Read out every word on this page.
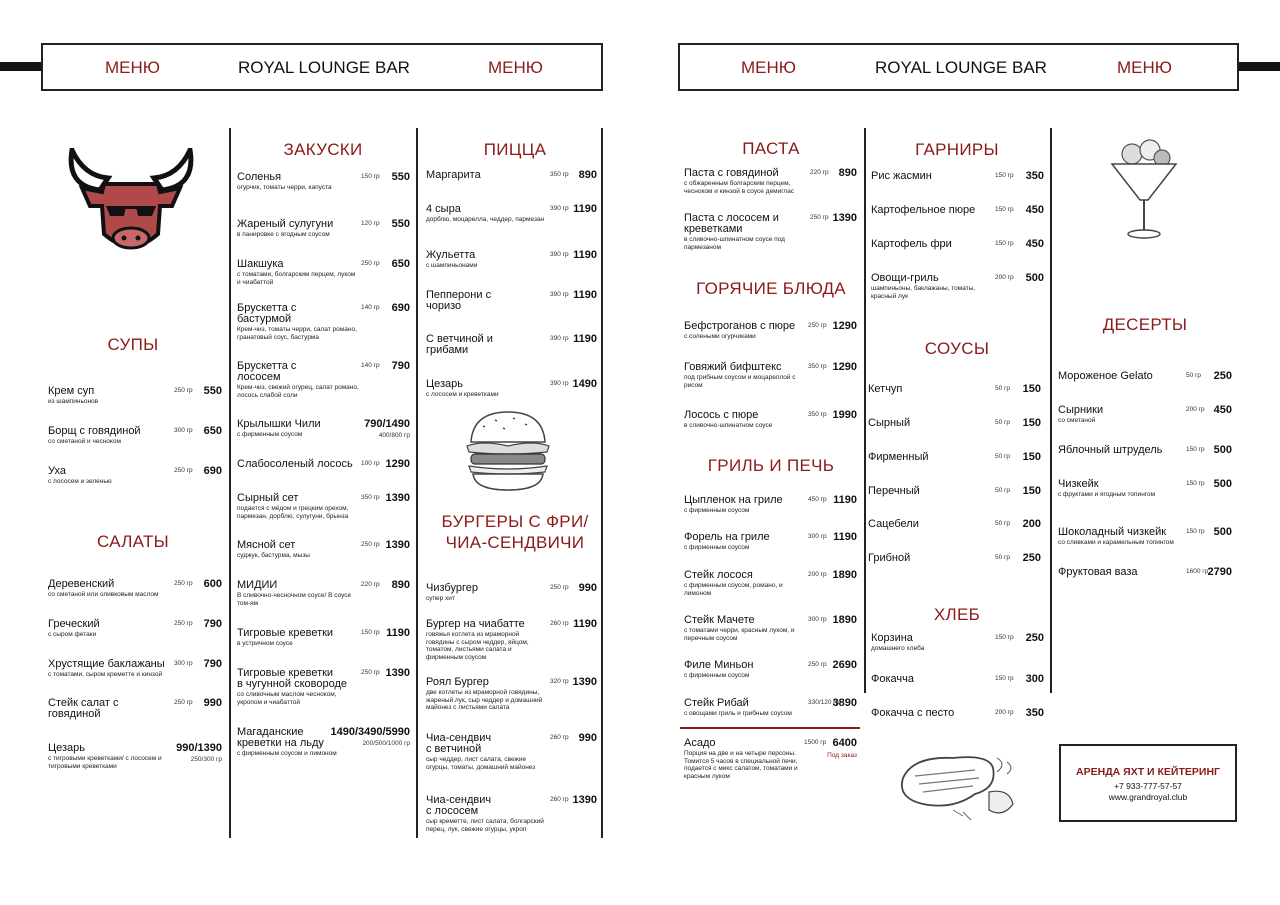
МЕНЮ	ROYAL LOUNGE BAR	МЕНЮ	МЕНЮ	ROYAL LOUNGE BAR	МЕНЮ
СУПЫ
САЛАТЫ
ЗАКУСКИ	ПИЦЦА
БУРГЕРЫ С ФРИ/
ЧИА-СЕНДВИЧИ
ПАСТА
ГОРЯЧИЕ БЛЮДА
ГРИЛЬ И ПЕЧЬ
ГАРНИРЫ
СОУСЫ
ХЛЕБ
ДЕСЕРТЫ
Крем суп
из шампиньонов
250 гр 550
Борщ с говядиной
со сметаной и чесноком
300 гр 650
Уха
с лососем и зеленью
250 гр 690
Деревенский
со сметаной или оливковым маслом
250 гр 600
Греческий
с сыром фетаки
250 гр 790
Хрустящие баклажаны
с томатами, сыром креметте и кинзой
300 гр 790
Стейк салат с
говядиной
250 гр 990
Цезарь
с тигровыми креветками/ с лососем и тигровыми креветками
250/300 гр
990/1390
Соленья
огурчик, томаты черри, капуста
150 гр 550
Жареный сулугуни
в панировке с ягодным соусом
120 гр 550
Шакшука
с томатами, болгарским перцем, луком и чиабаттой
250 гр 650
Брускетта с
бастурмой
Крем-чиз, томаты черри, салат романо, гранатовый соус, бастурма
140 гр 690
Брускетта с
лососем
Крем-чиз, свежий огурец, салат романо, лосось слабой соли
140 гр 790
Крылышки Чили
с фирменным соусом	400/800 гр
790/1490
Слабосоленый лосось	100 гр 1290
Сырный сет
подается с мёдом и грецким орехом, пармезан, дорблю, сулугуни, брынза
350 гр 1390
Мясной сет
суджук, бастурма, мызы
250 гр 1390
МИДИИ
В сливочно-чесночном соусе/ В соусе том-ям
220 гр 890
Тигровые креветки
в устричном соусе
150 гр 1190
Тигровые креветки
в чугунной сковороде
со сливочным маслом чесноком, укропом и чиабаттой
250 гр 1390
Магаданские
креветки на льду
с фирменным соусом и лимоном
200/500/1000 гр
1490/3490/5990
Маргарита	350 гр 890
4 сыра
дорблю, моцарелла, чеддер, пармезан
390 гр 1190
Жульетта
с шампиньонами
390 гр 1190
Пепперони с
чоризо
390 гр 1190
С ветчиной и
грибами
390 гр 1190
Цезарь
с лососем и креветками
390 гр 1490
Чизбургер
супер хит
250 гр 990
Бургер на чиабатте
говяжья котлета из мраморной говядины с сыром чеддер, яйцом, томатом, листьями салата и фирменным соусом
260 гр 1190
Роял Бургер
две котлеты из мраморной говядины, жареный лук, сыр чеддер и домашний майонез с листьями салата
320 гр 1390
Чиа-сендвич
с ветчиной
сыр чеддер, лист салата, свежие огурцы, томаты, домашний майонез
260 гр 990
Чиа-сендвич
с лососем
сыр креметте, лист салата, болгарский перец, лук, свежие огурцы, укроп
260 гр 1390
Паста с говядиной
с обжаренным болгарским перцем, чесноком и кинзой в соусе демиглас
220 гр 890
Паста с лососем и
креветками
в сливочно-шпинатном соусе под пармезаном
250 гр 1390
Бефстроганов с пюре
с солеными огурчиками
250 гр 1290
Говяжий бифштекс
под грибным соусом и моцареллой с рисом
350 гр 1290
Лосось с пюре
в сливочно-шпинатном соусе
350 гр 1990
Цыпленок на гриле
с фирменным соусом
450 гр 1190
Форель на гриле
с фирменным соусом
300 гр 1190
Стейк лосося
с фирменным соусом, романо, и лимоном
200 гр 1890
Стейк Мачете
с томатами черри, красным луком, и перечным соусом
300 гр 1890
Филе Миньон
с фирменным соусом
250 гр 2690
Стейк Рибай
с овощами гриль и грибным соусом
330/120 гр
3890
Рис жасмин	150 гр 350
Картофельное пюре	150 гр 450
Картофель фри	150 гр 450
Овощи-гриль
шампиньоны, баклажаны, томаты, красный лук
200 гр 500
Кетчуп	50 гр 150
Сырный	50 гр 150
Фирменный	50 гр 150
Перечный	50 гр 150
Сацебели	50 гр 200
Грибной	50 гр 250
Корзина
домашнего хлеба
150 гр 250
Фокачча	150 гр 300
Фокачча с песто	200 гр 350
Мороженое Gelato	50 гр 250
Сырники
со сметаной
200 гр 450
Яблочный штрудель	150 гр 500
Чизкейк
с фруктами и ягодным топингом
150 гр 500
Шоколадный чизкейк
со сливками и карамельным топингом
150 гр 500
Фруктовая ваза	1600 гр 2790
Асадо
Порция на две и на четыре персоны. Томится 5 часов в специальной печи, подается с микс салатом, томатами и красным луком
1500 гр 6400
Под заказ
АРЕНДА ЯХТ И КЕЙТЕРИНГ
+7 933-777-57-57
www.grandroyal.club
